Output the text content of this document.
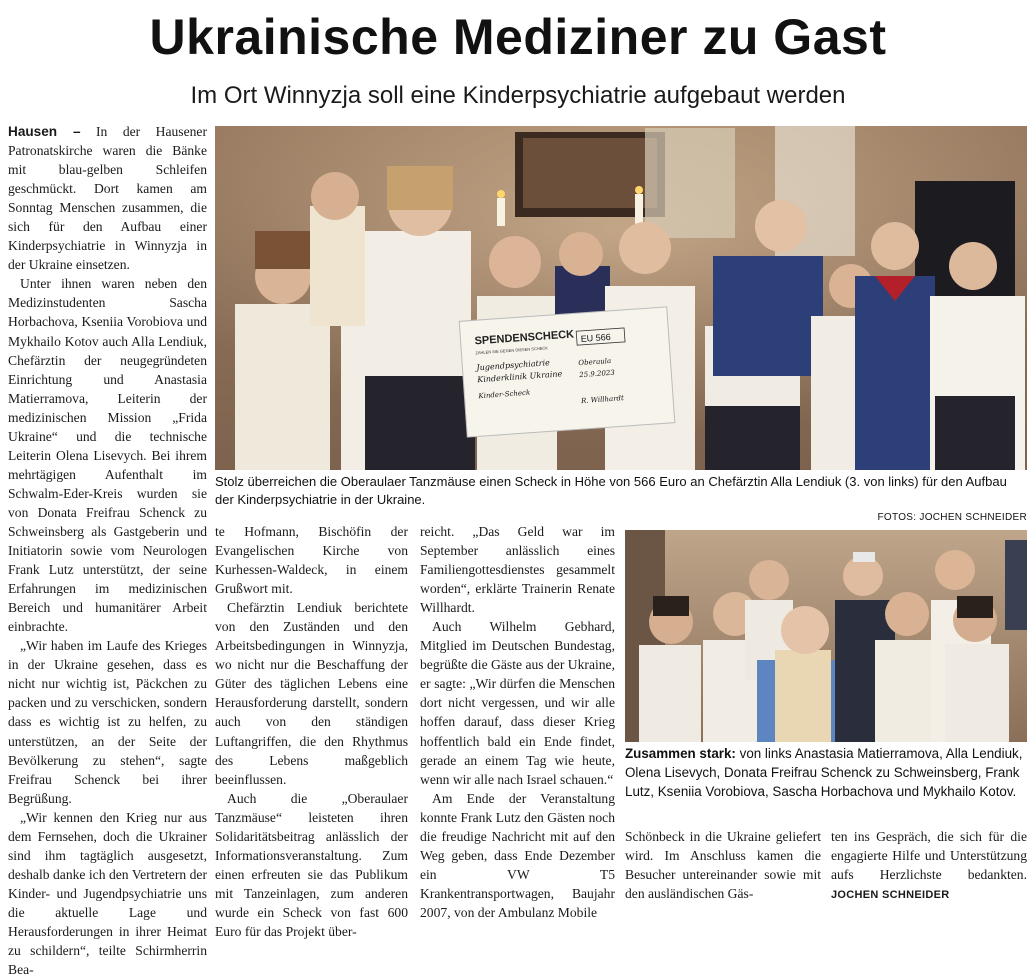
Ukrainische Mediziner zu Gast
Im Ort Winnyzja soll eine Kinderpsychiatrie aufgebaut werden

Hausen – In der Hausener Patronatskirche waren die Bänke mit blau-gelben Schleifen geschmückt. Dort kamen am Sonntag Menschen zusammen, die sich für den Aufbau einer Kinderpsychiatrie in Winnyzja in der Ukraine einsetzen.

Unter ihnen waren neben den Medizinstudenten Sascha Horbachova, Kseniia Vorobiova und Mykhailo Kotov auch Alla Lendiuk, Chefärztin der neugegründeten Einrichtung und Anastasia Matierramova, Leiterin der medizinischen Mission „Frida Ukraine“ und die technische Leiterin Olena Lisevych. Bei ihrem mehrtägigen Aufenthalt im Schwalm-Eder-Kreis wurden sie von Donata Freifrau Schenck zu Schweinsberg als Gastgeberin und Initiatorin sowie vom Neurologen Frank Lutz unterstützt, der seine Erfahrungen im medizinischen Bereich und humanitärer Arbeit einbrachte.

„Wir haben im Laufe des Krieges in der Ukraine gesehen, dass es nicht nur wichtig ist, Päckchen zu packen und zu verschicken, sondern dass es wichtig ist zu helfen, zu unterstützen, an der Seite der Bevölkerung zu stehen“, sagte Freifrau Schenck bei ihrer Begrüßung.

„Wir kennen den Krieg nur aus dem Fernsehen, doch die Ukrainer sind ihm tagtäglich ausgesetzt, deshalb danke ich den Vertretern der Kinder- und Jugendpsychiatrie uns die aktuelle Lage und Herausforderungen in ihrer Heimat zu schildern“, teilte Schirmherrin Bea-

SPENDENSCHECK
ZAHLEN SIE GEGEN DIESEN SCHECK
EU 566
Jugendpsychiatrie
Kinderklinik Ukraine
Oberaula
25.9.2023
Kinder-Scheck	R. Willhardt
Stolz überreichen die Oberaulaer Tanzmäuse einen Scheck in Höhe von 566 Euro an Chefärztin Alla Lendiuk (3. von links) für den Aufbau der Kinderpsychiatrie in der Ukraine.
FOTOS: JOCHEN SCHNEIDER

te Hofmann, Bischöfin der Evangelischen Kirche von Kurhessen-Waldeck, in einem Grußwort mit.

Chefärztin Lendiuk berichtete von den Zuständen und den Arbeitsbedingungen in Winnyzja, wo nicht nur die Beschaffung der Güter des täglichen Lebens eine Herausforderung darstellt, sondern auch von den ständigen Luftangriffen, die den Rhythmus des Lebens maßgeblich beeinflussen.

Auch die „Oberaulaer Tanzmäuse“ leisteten ihren Solidaritätsbeitrag anlässlich der Informationsveranstaltung. Zum einen erfreuten sie das Publikum mit Tanzeinlagen, zum anderen wurde ein Scheck von fast 600 Euro für das Projekt über-

reicht. „Das Geld war im September anlässlich eines Familiengottesdienstes gesammelt worden“, erklärte Trainerin Renate Willhardt.

Auch Wilhelm Gebhard, Mitglied im Deutschen Bundestag, begrüßte die Gäste aus der Ukraine, er sagte: „Wir dürfen die Menschen dort nicht vergessen, und wir alle hoffen darauf, dass dieser Krieg hoffentlich bald ein Ende findet, gerade an einem Tag wie heute, wenn wir alle nach Israel schauen.“

Am Ende der Veranstaltung konnte Frank Lutz den Gästen noch die freudige Nachricht mit auf den Weg geben, dass Ende Dezember ein VW T5 Krankentransportwagen, Baujahr 2007, von der Ambulanz Mobile

Zusammen stark: von links Anastasia Matierramova, Alla Lendiuk, Olena Lisevych, Donata Freifrau Schenck zu Schweinsberg, Frank Lutz, Kseniia Vorobiova, Sascha Horbachova und Mykhailo Kotov.

Schönbeck in die Ukraine geliefert wird. Im Anschluss kamen die Besucher untereinander sowie mit den ausländischen Gäs-

ten ins Gespräch, die sich für die engagierte Hilfe und Unterstützung aufs Herzlichste bedankten. JOCHEN SCHNEIDER
